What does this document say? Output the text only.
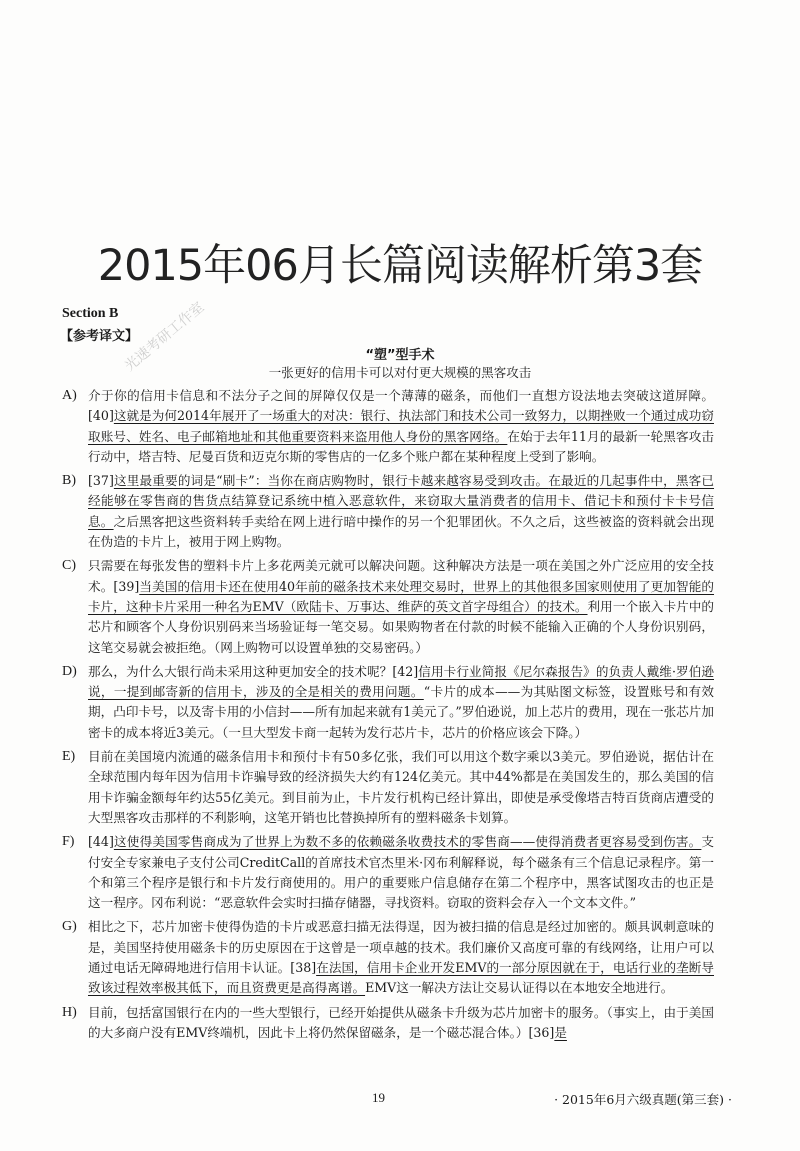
2015年06月长篇阅读解析第3套
光速考研工作室
Section B
【参考译文】
“塑”型手术
一张更好的信用卡可以对付更大规模的黑客攻击
A) 介于你的信用卡信息和不法分子之间的屏障仅仅是一个薄薄的磁条，而他们一直想方设法地去突破这道屏障。[40]这就是为何2014年展开了一场重大的对决：银行、执法部门和技术公司一致努力，以期挫败一个通过成功窃取账号、姓名、电子邮箱地址和其他重要资料来盗用他人身份的黑客网络。在始于去年11月的最新一轮黑客攻击行动中，塔吉特、尼曼百货和迈克尔斯的零售店的一亿多个账户都在某种程度上受到了影响。
B) [37]这里最重要的词是“刷卡”：当你在商店购物时，银行卡越来越容易受到攻击。在最近的几起事件中，黑客已经能够在零售商的售货点结算登记系统中植入恶意软件，来窃取大量消费者的信用卡、借记卡和预付卡卡号信息。之后黑客把这些资料转手卖给在网上进行暗中操作的另一个犯罪团伙。不久之后，这些被盗的资料就会出现在伪造的卡片上，被用于网上购物。
C) 只需要在每张发售的塑料卡片上多花两美元就可以解决问题。这种解决方法是一项在美国之外广泛应用的安全技术。[39]当美国的信用卡还在使用40年前的磁条技术来处理交易时，世界上的其他很多国家则使用了更加智能的卡片，这种卡片采用一种名为EMV（欧陆卡、万事达、维萨的英文首字母组合）的技术。利用一个嵌入卡片中的芯片和顾客个人身份识别码来当场验证每一笔交易。如果购物者在付款的时候不能输入正确的个人身份识别码，这笔交易就会被拒绝。（网上购物可以设置单独的交易密码。）
D) 那么，为什么大银行尚未采用这种更加安全的技术呢？[42]信用卡行业简报《尼尔森报告》的负责人戴维·罗伯逊说，一提到邮寄新的信用卡，涉及的全是相关的费用问题。“卡片的成本——为其贴图文标签，设置账号和有效期，凸印卡号，以及寄卡用的小信封——所有加起来就有1美元了。”罗伯逊说，加上芯片的费用，现在一张芯片加密卡的成本将近3美元。（一旦大型发卡商一起转为发行芯片卡，芯片的价格应该会下降。）
E) 目前在美国境内流通的磁条信用卡和预付卡有50多亿张，我们可以用这个数字乘以3美元。罗伯逊说，据估计在全球范围内每年因为信用卡诈骗导致的经济损失大约有124亿美元。其中44%都是在美国发生的，那么美国的信用卡诈骗金额每年约达55亿美元。到目前为止，卡片发行机构已经计算出，即使是承受像塔吉特百货商店遭受的大型黑客攻击那样的不利影响，这笔开销也比替换掉所有的塑料磁条卡划算。
F) [44]这使得美国零售商成为了世界上为数不多的依赖磁条收费技术的零售商——使得消费者更容易受到伤害。支付安全专家兼电子支付公司CreditCall的首席技术官杰里米·冈布利解释说，每个磁条有三个信息记录程序。第一个和第三个程序是银行和卡片发行商使用的。用户的重要账户信息储存在第二个程序中，黑客试图攻击的也正是这一程序。冈布利说：“恶意软件会实时扫描存储器，寻找资料。窃取的资料会存入一个文本文件。”
G) 相比之下，芯片加密卡使得伪造的卡片或恶意扫描无法得逞，因为被扫描的信息是经过加密的。颇具讽刺意味的是，美国坚持使用磁条卡的历史原因在于这曾是一项卓越的技术。我们廉价又高度可靠的有线网络，让用户可以通过电话无障碍地进行信用卡认证。[38]在法国，信用卡企业开发EMV的一部分原因就在于，电话行业的垄断导致该过程效率极其低下，而且资费更是高得离谱。EMV这一解决方法让交易认证得以在本地安全地进行。
H) 目前，包括富国银行在内的一些大型银行，已经开始提供从磁条卡升级为芯片加密卡的服务。（事实上，由于美国的大多商户没有EMV终端机，因此卡上将仍然保留磁条，是一个磁芯混合体。）[36]是
19	· 2015年6月六级真题(第三套) ·
